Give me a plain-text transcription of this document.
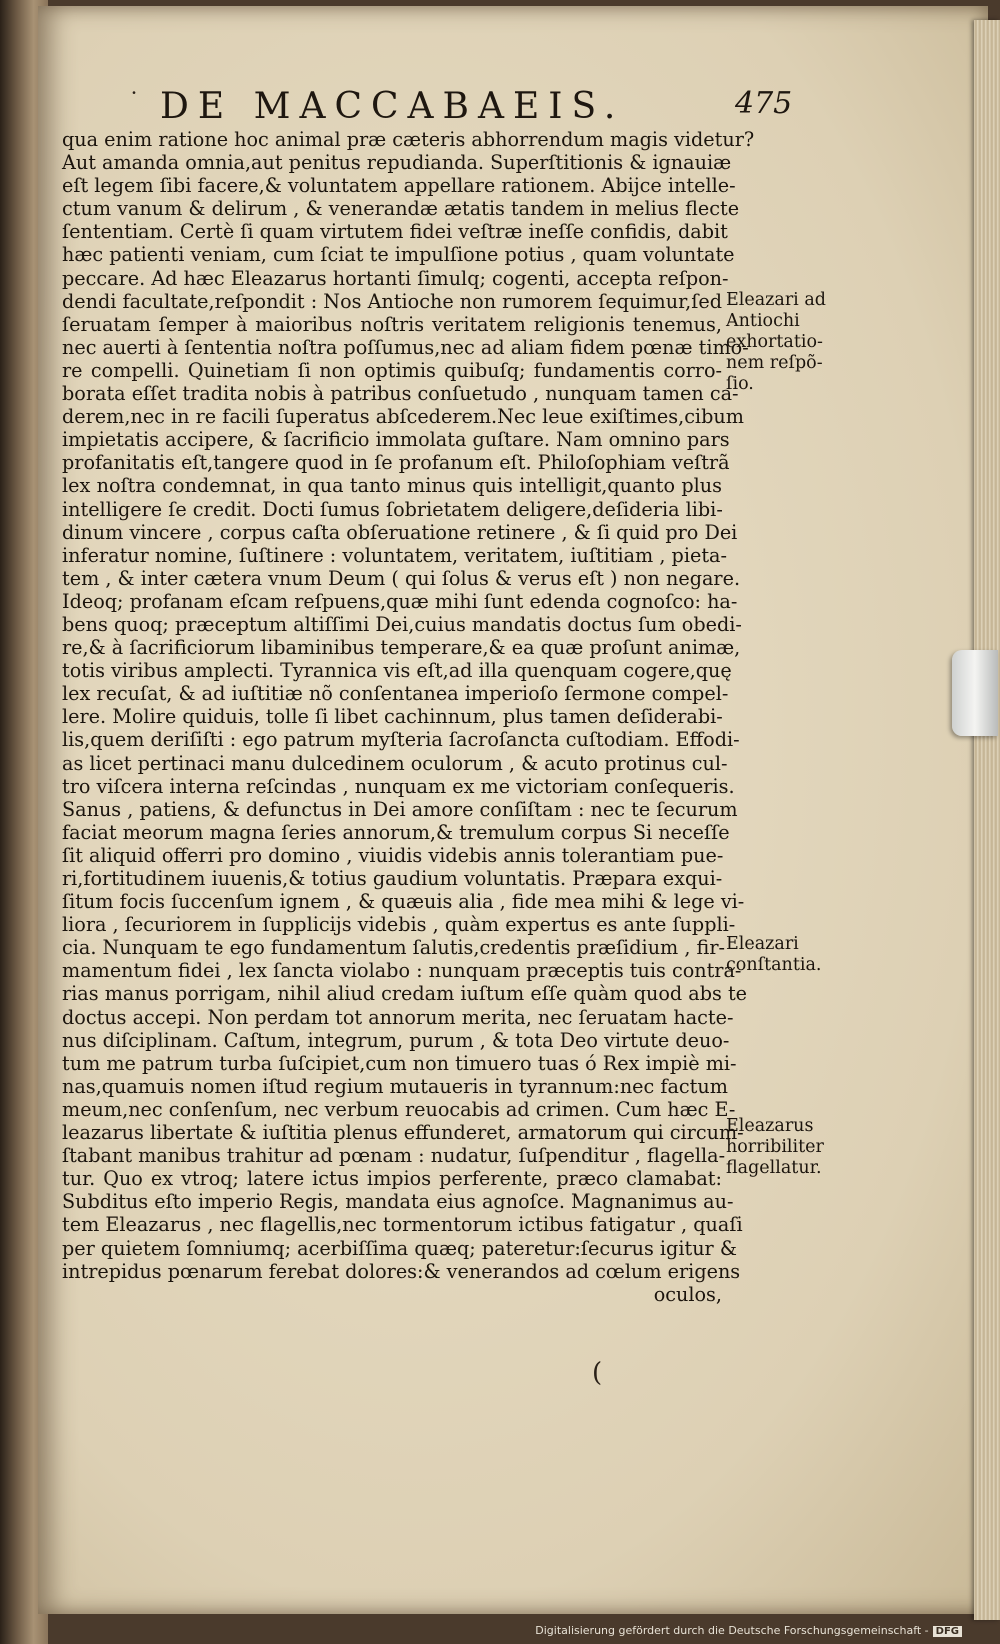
˙ DE MACCABAEIS.	475
qua enim ratione hoc animal præ cæteris abhorrendum magis videtur?
Aut amanda omnia,aut penitus repudianda. Superſtitionis & ignauiæ
eſt legem ſibi facere,& voluntatem appellare rationem. Abijce intelle-
ctum vanum & delirum , & venerandæ ætatis tandem in melius flecte
ſententiam. Certè ſi quam virtutem fidei veſtræ ineſſe confidis, dabit
hæc patienti veniam, cum ſciat te impulſione potius , quam voluntate
peccare. Ad hæc Eleazarus hortanti ſimulq; cogenti, accepta reſpon-
dendi facultate,reſpondit : Nos Antioche non rumorem ſequimur,ſed
ſeruatam ſemper à maioribus noſtris veritatem religionis tenemus,
nec auerti à ſententia noſtra poſſumus,nec ad aliam fidem pœnæ timo-
re compelli. Quinetiam ſi non optimis quibuſq; fundamentis corro-
borata eſſet tradita nobis à patribus conſuetudo , nunquam tamen ca-
derem,nec in re facili ſuperatus abſcederem.Nec leue exiſtimes,cibum
impietatis accipere, & ſacrificio immolata guſtare. Nam omnino pars
profanitatis eſt,tangere quod in ſe profanum eſt. Philoſophiam veſtrã
lex noſtra condemnat, in qua tanto minus quis intelligit,quanto plus
intelligere ſe credit. Docti ſumus ſobrietatem deligere,deſideria libi-
dinum vincere , corpus caſta obſeruatione retinere , & ſi quid pro Dei
inferatur nomine, ſuſtinere : voluntatem, veritatem, iuſtitiam , pieta-
tem , & inter cætera vnum Deum ( qui ſolus & verus eſt ) non negare.
Ideoq; profanam eſcam reſpuens,quæ mihi ſunt edenda cognoſco: ha-
bens quoq; præceptum altiſſimi Dei,cuius mandatis doctus ſum obedi-
re,& à ſacrificiorum libaminibus temperare,& ea quæ proſunt animæ,
totis viribus amplecti. Tyrannica vis eſt,ad illa quenquam cogere,quę
lex recuſat, & ad iuſtitiæ nõ conſentanea imperioſo ſermone compel-
lere. Molire quiduis, tolle ſi libet cachinnum, plus tamen deſiderabi-
lis,quem deriſiſti : ego patrum myſteria ſacroſancta cuſtodiam. Effodi-
as licet pertinaci manu dulcedinem oculorum , & acuto protinus cul-
tro viſcera interna reſcindas , nunquam ex me victoriam conſequeris.
Sanus , patiens, & defunctus in Dei amore conſiſtam : nec te ſecurum
faciat meorum magna ſeries annorum,& tremulum corpus Si neceſſe
ſit aliquid offerri pro domino , viuidis videbis annis tolerantiam pue-
ri,fortitudinem iuuenis,& totius gaudium voluntatis. Præpara exqui-
ſitum focis ſuccenſum ignem , & quæuis alia , fide mea mihi & lege vi-
liora , ſecuriorem in ſupplicijs videbis , quàm expertus es ante ſuppli-
cia. Nunquam te ego fundamentum ſalutis,credentis præſidium , fir-
mamentum fidei , lex ſancta violabo : nunquam præceptis tuis contra-
rias manus porrigam, nihil aliud credam iuſtum eſſe quàm quod abs te
doctus accepi. Non perdam tot annorum merita, nec ſeruatam hacte-
nus diſciplinam. Caſtum, integrum, purum , & tota Deo virtute deuo-
tum me patrum turba ſuſcipiet,cum non timuero tuas ó Rex impiè mi-
nas,quamuis nomen iſtud regium mutaueris in tyrannum:nec factum
meum,nec conſenſum, nec verbum reuocabis ad crimen. Cum hæc E-
leazarus libertate & iuſtitia plenus effunderet, armatorum qui circum-
ſtabant manibus trahitur ad pœnam : nudatur, ſuſpenditur , flagella-
tur. Quo ex vtroq; latere ictus impios perferente, præco clamabat:
Subditus eſto imperio Regis, mandata eius agnoſce. Magnanimus au-
tem Eleazarus , nec flagellis,nec tormentorum ictibus fatigatur , quaſi
per quietem ſomniumq; acerbiſſima quæq; pateretur:ſecurus igitur &
intrepidus pœnarum ferebat dolores:& venerandos ad cœlum erigens
oculos,
Eleazari ad
Antiochi
exhortatio-
nem reſpõ-
ſio.
Eleazari
conſtantia.
Eleazarus
horribiliter
flagellatur.
(
Digitalisierung gefördert durch die Deutsche Forschungsgemeinschaft - DFG
